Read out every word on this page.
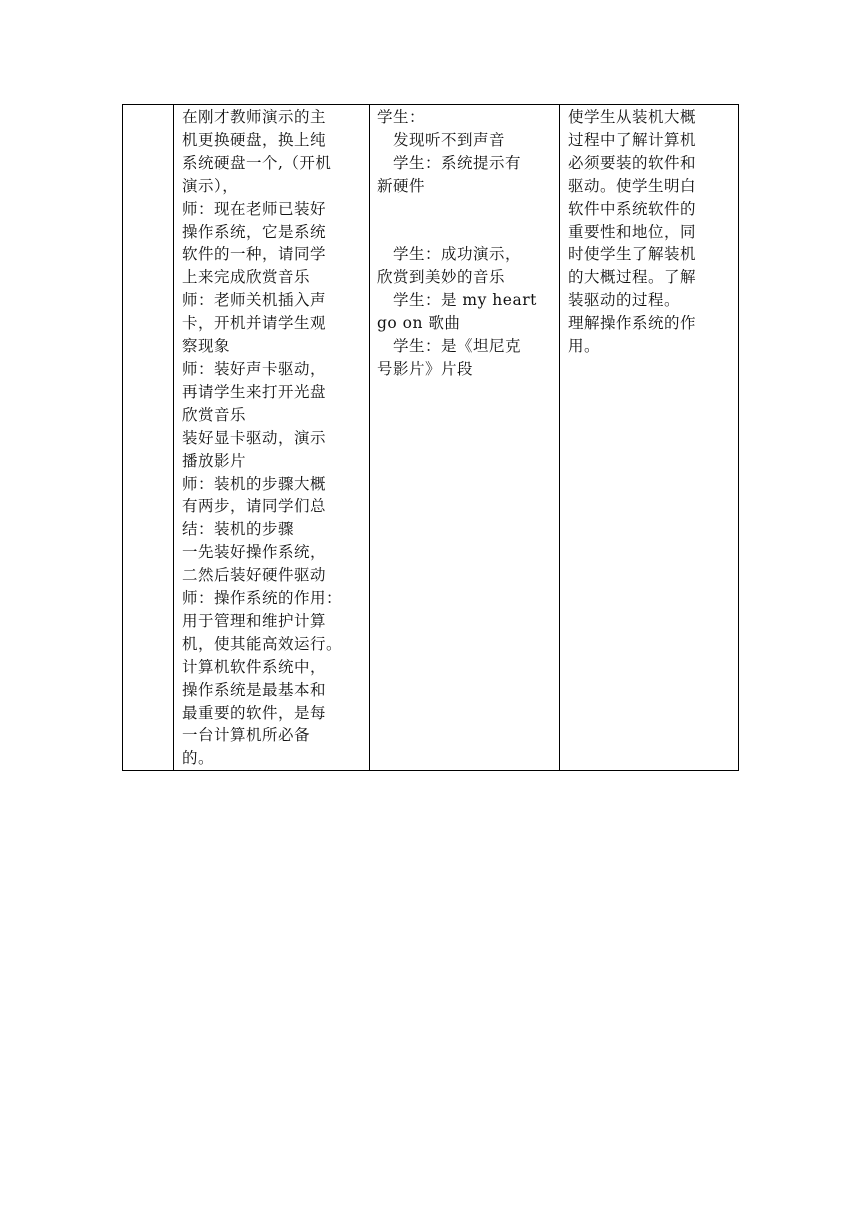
在刚才教师演示的主
机更换硬盘，换上纯
系统硬盘一个,（开机
演示），
师：现在老师已装好
操作系统，它是系统
软件的一种，请同学
上来完成欣赏音乐
师：老师关机插入声
卡，开机并请学生观
察现象
师：装好声卡驱动，
再请学生来打开光盘
欣赏音乐
装好显卡驱动，演示
播放影片
师：装机的步骤大概
有两步，请同学们总
结：装机的步骤
一先装好操作系统，
二然后装好硬件驱动
师：操作系统的作用：
用于管理和维护计算
机，使其能高效运行。
计算机软件系统中，
操作系统是最基本和
最重要的软件，是每
一台计算机所必备
的。

学生：
　发现听不到声音
　学生：系统提示有
新硬件
　学生：成功演示，
欣赏到美妙的音乐
　学生：是 my heart
go on 歌曲
　学生：是《坦尼克
号影片》片段

使学生从装机大概
过程中了解计算机
必须要装的软件和
驱动。使学生明白
软件中系统软件的
重要性和地位，同
时使学生了解装机
的大概过程。了解
装驱动的过程。
理解操作系统的作
用。
